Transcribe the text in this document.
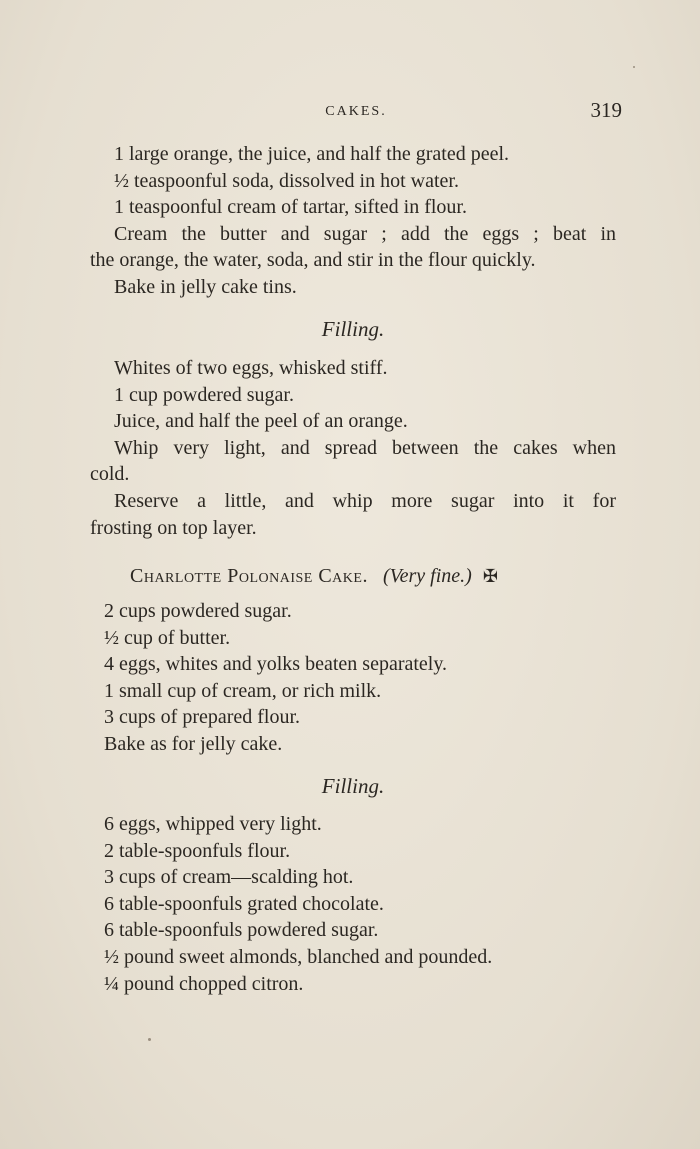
CAKES.	319
1 large orange, the juice, and half the grated peel.
½ teaspoonful soda, dissolved in hot water.
1 teaspoonful cream of tartar, sifted in flour.
Cream the butter and sugar ; add the eggs ; beat in
the orange, the water, soda, and stir in the flour quickly.
Bake in jelly cake tins.
Filling.
Whites of two eggs, whisked stiff.
1 cup powdered sugar.
Juice, and half the peel of an orange.
Whip very light, and spread between the cakes when
cold.
Reserve a little, and whip more sugar into it for
frosting on top layer.
Charlotte Polonaise Cake. (Very fine.) ✠
2 cups powdered sugar.
½ cup of butter.
4 eggs, whites and yolks beaten separately.
1 small cup of cream, or rich milk.
3 cups of prepared flour.
Bake as for jelly cake.
Filling.
6 eggs, whipped very light.
2 table-spoonfuls flour.
3 cups of cream—scalding hot.
6 table-spoonfuls grated chocolate.
6 table-spoonfuls powdered sugar.
½ pound sweet almonds, blanched and pounded.
¼ pound chopped citron.
